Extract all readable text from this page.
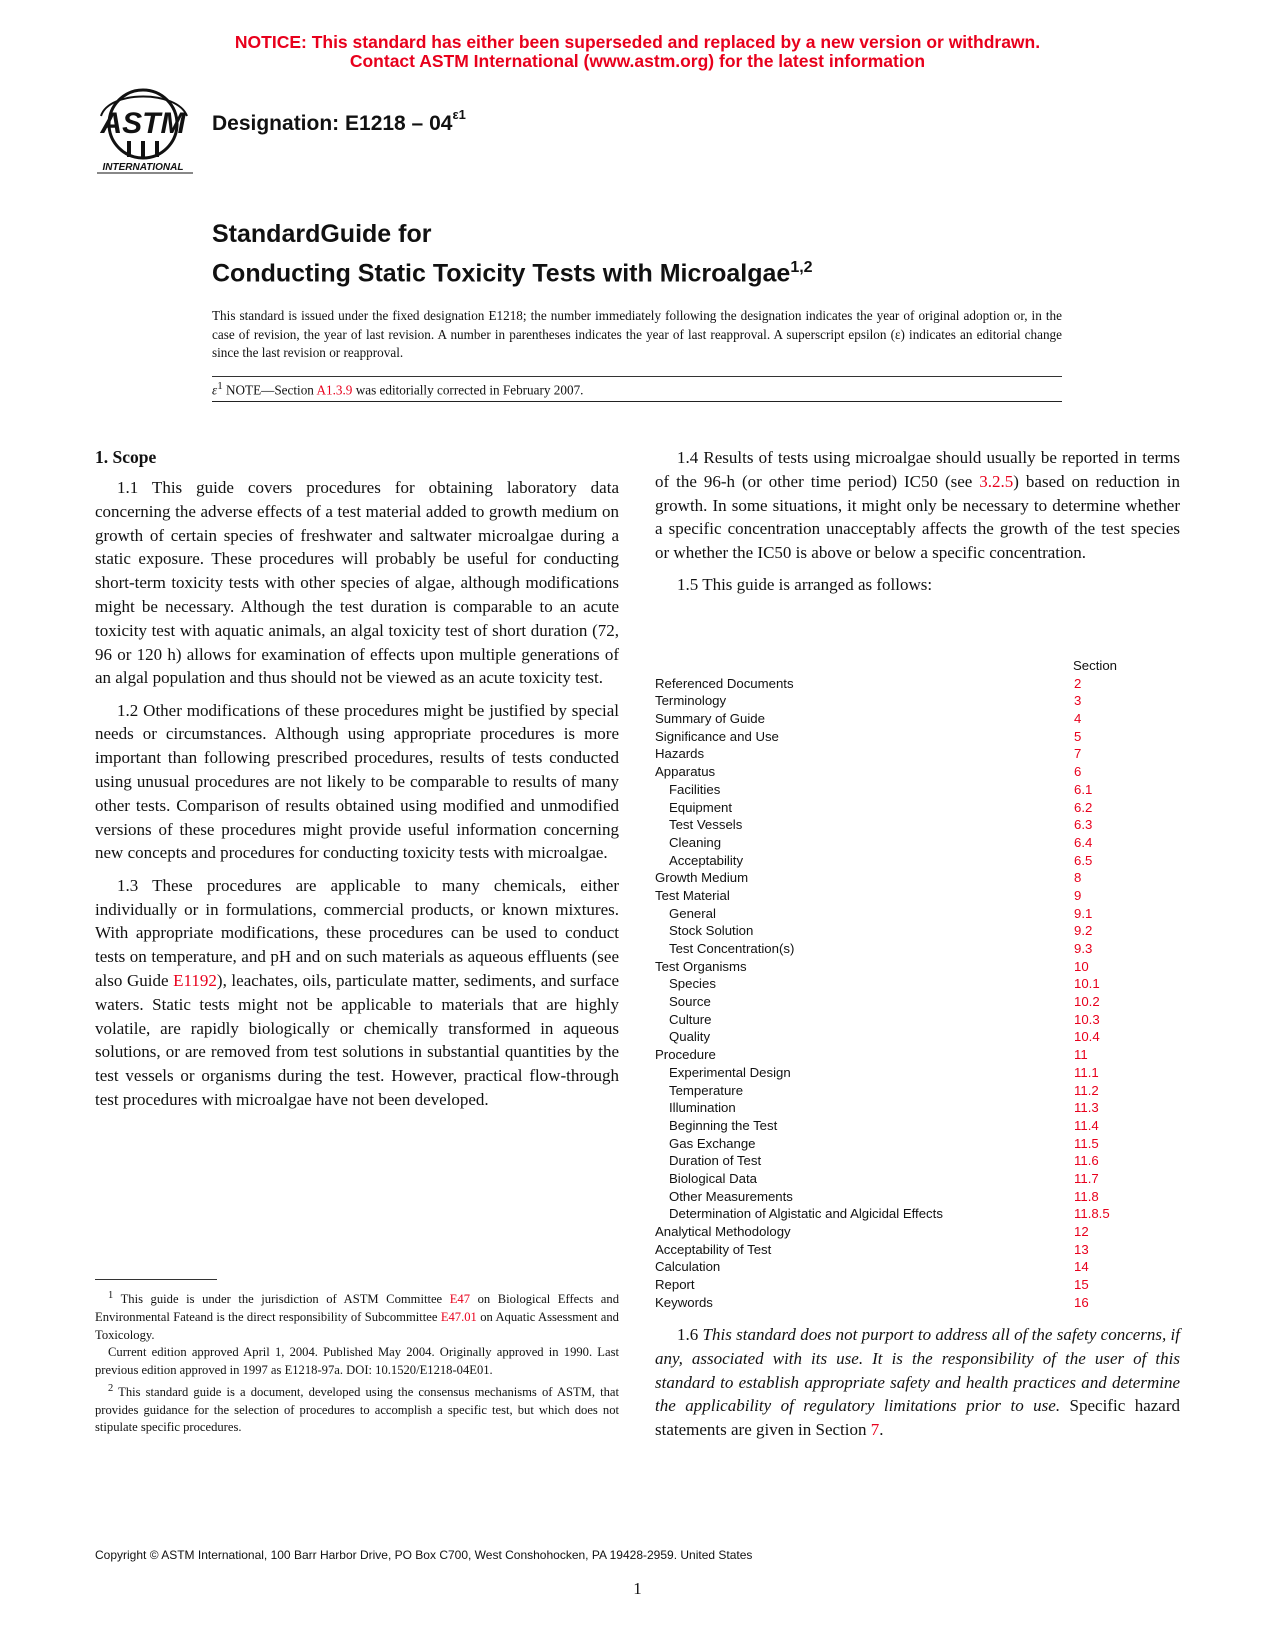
NOTICE: This standard has either been superseded and replaced by a new version or withdrawn.
Contact ASTM International (www.astm.org) for the latest information
ASTM
INTERNATIONAL
Designation: $E1218 - 04^{\varepsilon 1}$
StandardGuide for
Conducting Static Toxicity Tests with Microalgae$^{1,2}$
This standard is issued under the fixed designation E1218; the number immediately following the designation indicates the year of original adoption or, in the case of revision, the year of last revision. A number in parentheses indicates the year of last reapproval. A superscript epsilon (ε) indicates an editorial change since the last revision or reapproval.
$\varepsilon^1$ NOTE—Section A1.3.9 was editorially corrected in February 2007.
1. Scope

1.1 This guide covers procedures for obtaining laboratory data concerning the adverse effects of a test material added to growth medium on growth of certain species of freshwater and saltwater microalgae during a static exposure. These procedures will probably be useful for conducting short-term toxicity tests with other species of algae, although modifications might be necessary. Although the test duration is comparable to an acute toxicity test with aquatic animals, an algal toxicity test of short duration (72, 96 or 120 h) allows for examination of effects upon multiple generations of an algal population and thus should not be viewed as an acute toxicity test.

1.2 Other modifications of these procedures might be justified by special needs or circumstances. Although using appropriate procedures is more important than following prescribed procedures, results of tests conducted using unusual procedures are not likely to be comparable to results of many other tests. Comparison of results obtained using modified and unmodified versions of these procedures might provide useful information concerning new concepts and procedures for conducting toxicity tests with microalgae.

1.3 These procedures are applicable to many chemicals, either individually or in formulations, commercial products, or known mixtures. With appropriate modifications, these procedures can be used to conduct tests on temperature, and pH and on such materials as aqueous effluents (see also Guide E1192), leachates, oils, particulate matter, sediments, and surface waters. Static tests might not be applicable to materials that are highly volatile, are rapidly biologically or chemically transformed in aqueous solutions, or are removed from test solutions in substantial quantities by the test vessels or organisms during the test. However, practical flow-through test procedures with microalgae have not been developed.

$^1$ This guide is under the jurisdiction of ASTM Committee E47 on Biological Effects and Environmental Fateand is the direct responsibility of Subcommittee E47.01 on Aquatic Assessment and Toxicology.

Current edition approved April 1, 2004. Published May 2004. Originally approved in 1990. Last previous edition approved in 1997 as E1218-97a. DOI: 10.1520/E1218-04E01.

$^2$ This standard guide is a document, developed using the consensus mechanisms of ASTM, that provides guidance for the selection of procedures to accomplish a specific test, but which does not stipulate specific procedures.

1.4 Results of tests using microalgae should usually be reported in terms of the 96-h (or other time period) IC50 (see 3.2.5) based on reduction in growth. In some situations, it might only be necessary to determine whether a specific concentration unacceptably affects the growth of the test species or whether the IC50 is above or below a specific concentration.

1.5 This guide is arranged as follows:

Section
Referenced Documents	2
Terminology	3
Summary of Guide	4
Significance and Use	5
Hazards	7
Apparatus	6
Facilities	6.1
Equipment	6.2
Test Vessels	6.3
Cleaning	6.4
Acceptability	6.5
Growth Medium	8
Test Material	9
General	9.1
Stock Solution	9.2
Test Concentration(s)	9.3
Test Organisms	10
Species	10.1
Source	10.2
Culture	10.3
Quality	10.4
Procedure	11
Experimental Design	11.1
Temperature	11.2
Illumination	11.3
Beginning the Test	11.4
Gas Exchange	11.5
Duration of Test	11.6
Biological Data	11.7
Other Measurements	11.8
Determination of Algistatic and Algicidal Effects	11.8.5
Analytical Methodology	12
Acceptability of Test	13
Calculation	14
Report	15
Keywords	16

1.6 This standard does not purport to address all of the safety concerns, if any, associated with its use. It is the responsibility of the user of this standard to establish appropriate safety and health practices and determine the applicability of regulatory limitations prior to use. Specific hazard statements are given in Section 7.

Copyright © ASTM International, 100 Barr Harbor Drive, PO Box C700, West Conshohocken, PA 19428-2959. United States
1
